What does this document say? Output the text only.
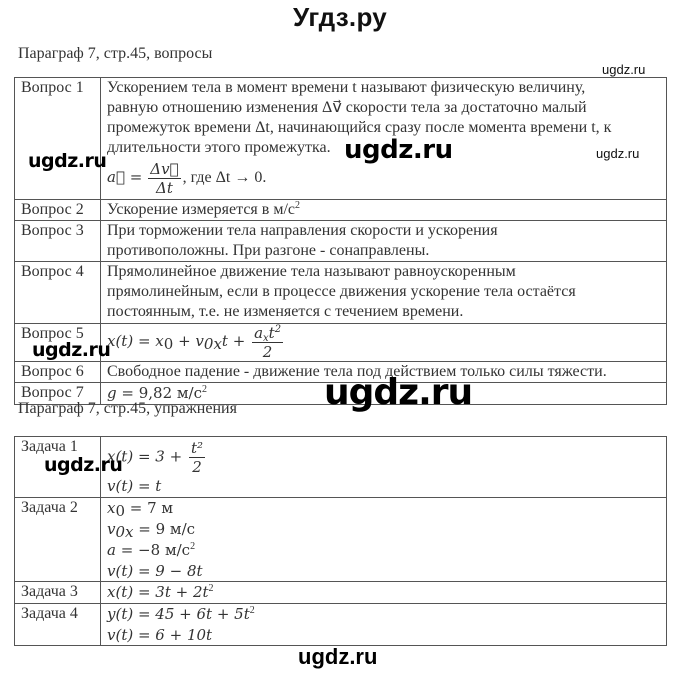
Угдз.ру
Параграф 7, стр.45, вопросы
ugdz.ru
Вопрос 1	Ускорением тела в момент времени t называют физическую величину,
равную отношению изменения Δv⃗ скорости тела за достаточно малый
промежуток времени Δt, начинающийся сразу после момента времени t, к
длительности этого промежутка.
a⃗ = $\frac{\Delta v⃗}{\Delta t}$ , где Δt → 0.

Вопрос 2	Ускорение измеряется в $м/с^2$
Вопрос 3	При торможении тела направления скорости и ускорения
противоположны. При разгоне - сонаправлены.

Вопрос 4	Прямолинейное движение тела называют равноускоренным
прямолинейным, если в процессе движения ускорение тела остаётся
постоянным, т.е. не изменяется с течением времени.

Вопрос 5	$x(t) = x_0 + v_{0x}t + \frac{a_xt^2}{2}$

Вопрос 6	Свободное падение - движение тела под действием только силы тяжести.
Вопрос 7	g = 9,82 $м/с^2$
Параграф 7, стр.45, упражнения
Задача 1	$x(t) = 3 + \frac{\text{t²}}{2}$
v(t) = t

Задача 2	$x_0 = 7$ м
$v_{0x} = 9$ м/с
a = −8 $м/с^2$
v(t) = 9 − 8t

Задача 3	$x(t) = 3t + 2t^2$
Задача 4	$y(t) = 45 + 6t + 5t^2$
v(t) = 6 + 10t
ugdz.ru	ugdz.ru	ugdz.ru
ugdz.ru
ugdz.ru
ugdz.ru
ugdz.ru
